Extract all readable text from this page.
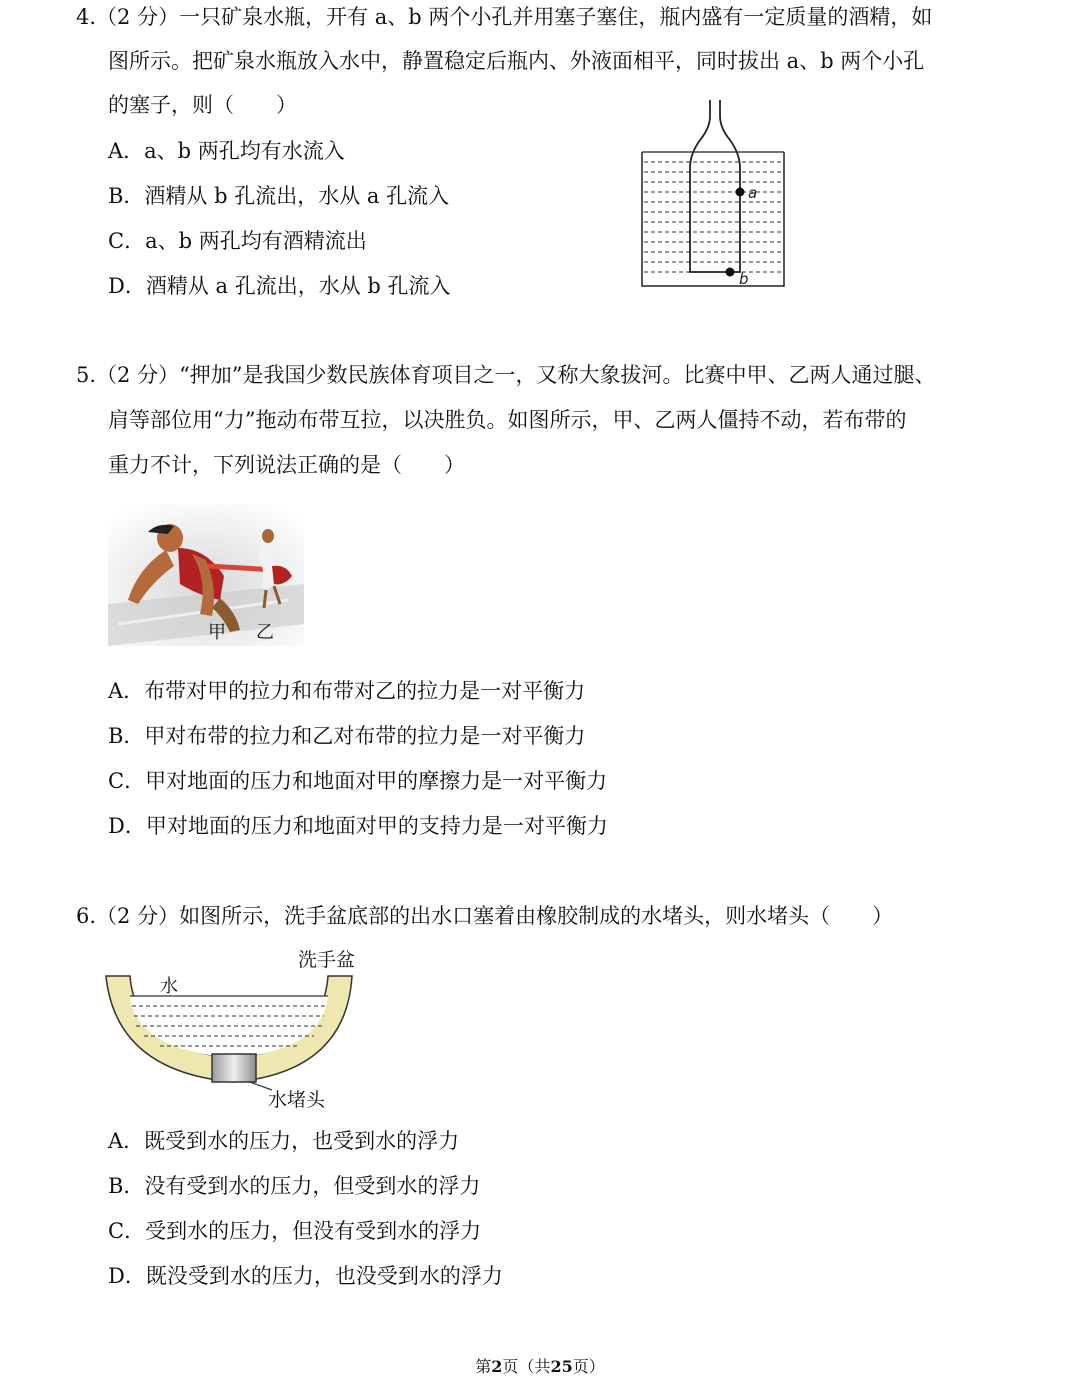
4.（2 分）一只矿泉水瓶，开有 a、b 两个小孔并用塞子塞住，瓶内盛有一定质量的酒精，如
图所示。把矿泉水瓶放入水中，静置稳定后瓶内、外液面相平，同时拔出 a、b 两个小孔
的塞子，则（　　）
A．a、b 两孔均有水流入
B．酒精从 b 孔流出，水从 a 孔流入
C．a、b 两孔均有酒精流出
D．酒精从 a 孔流出，水从 b 孔流入
a
b
5.（2 分）“押加”是我国少数民族体育项目之一，又称大象拔河。比赛中甲、乙两人通过腿、
肩等部位用“力”拖动布带互拉，以决胜负。如图所示，甲、乙两人僵持不动，若布带的
重力不计，下列说法正确的是（　　）
甲 乙
A．布带对甲的拉力和布带对乙的拉力是一对平衡力
B．甲对布带的拉力和乙对布带的拉力是一对平衡力
C．甲对地面的压力和地面对甲的摩擦力是一对平衡力
D．甲对地面的压力和地面对甲的支持力是一对平衡力
6.（2 分）如图所示，洗手盆底部的出水口塞着由橡胶制成的水堵头，则水堵头（　　）
洗手盆
水
水堵头
A．既受到水的压力，也受到水的浮力
B．没有受到水的压力，但受到水的浮力
C．受到水的压力，但没有受到水的浮力
D．既没受到水的压力，也没受到水的浮力
第2页（共25页）
